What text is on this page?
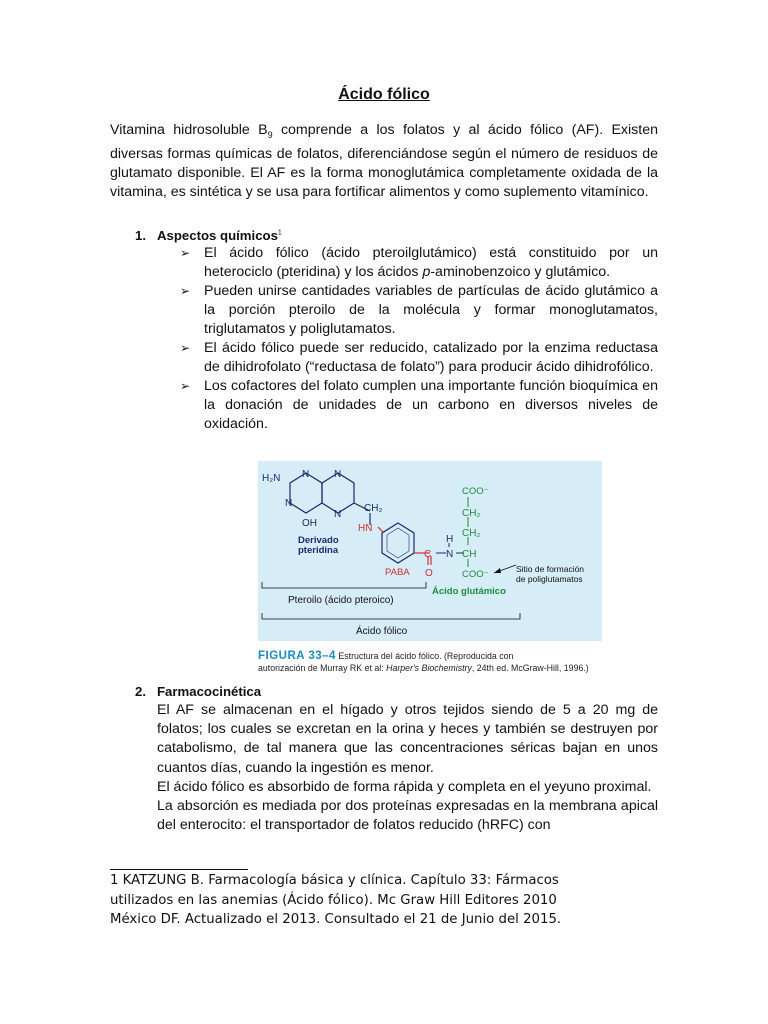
Ácido fólico
Vitamina hidrosoluble $B_9$ comprende a los folatos y al ácido fólico (AF). Existen diversas formas químicas de folatos, diferenciándose según el número de residuos de glutamato disponible. El AF es la forma monoglutámica completamente oxidada de la vitamina, es sintética y se usa para fortificar alimentos y como suplemento vitamínico.
1. Aspectos químicos$^1$
➢ El ácido fólico (ácido pteroilglutámico) está constituido por un heterociclo (pteridina) y los ácidos p-aminobenzoico y glutámico.
➢ Pueden unirse cantidades variables de partículas de ácido glutámico a la porción pteroilo de la molécula y formar monoglutamatos, triglutamatos y poliglutamatos.
➢ El ácido fólico puede ser reducido, catalizado por la enzima reductasa de dihidrofolato (“reductasa de folato”) para producir ácido dihidrofólico.
➢ Los cofactores del folato cumplen una importante función bioquímica en la donación de unidades de un carbono en diversos niveles de oxidación.
H₂N N N
N
N
OH
CH₂
HN
Derivado
pteridina
PABA
C
O
H
N CH
COO⁻
CH₂
CH₂
COO⁻	Sitio de formación
de poliglutamatos
Ácido glutámico
Pteroilo (ácido pteroico)
Ácido fólico
FIGURA 33–4 Estructura del ácido fólico. (Reproducida con
autorización de Murray RK et al: Harper's Biochemistry, 24th ed. McGraw-Hill, 1996.)
2. Farmacocinética

El AF se almacenan en el hígado y otros tejidos siendo de 5 a 20 mg de folatos; los cuales se excretan en la orina y heces y también se destruyen por catabolismo, de tal manera que las concentraciones séricas bajan en unos cuantos días, cuando la ingestión es menor.

El ácido fólico es absorbido de forma rápida y completa en el yeyuno proximal.

La absorción es mediada por dos proteínas expresadas en la membrana apical del enterocito: el transportador de folatos reducido (hRFC) con

1 KATZUNG B. Farmacología básica y clínica. Capítulo 33: Fármacos utilizados en las anemias (Ácido fólico). Mc Graw Hill Editores 2010 México DF. Actualizado el 2013. Consultado el 21 de Junio del 2015.
